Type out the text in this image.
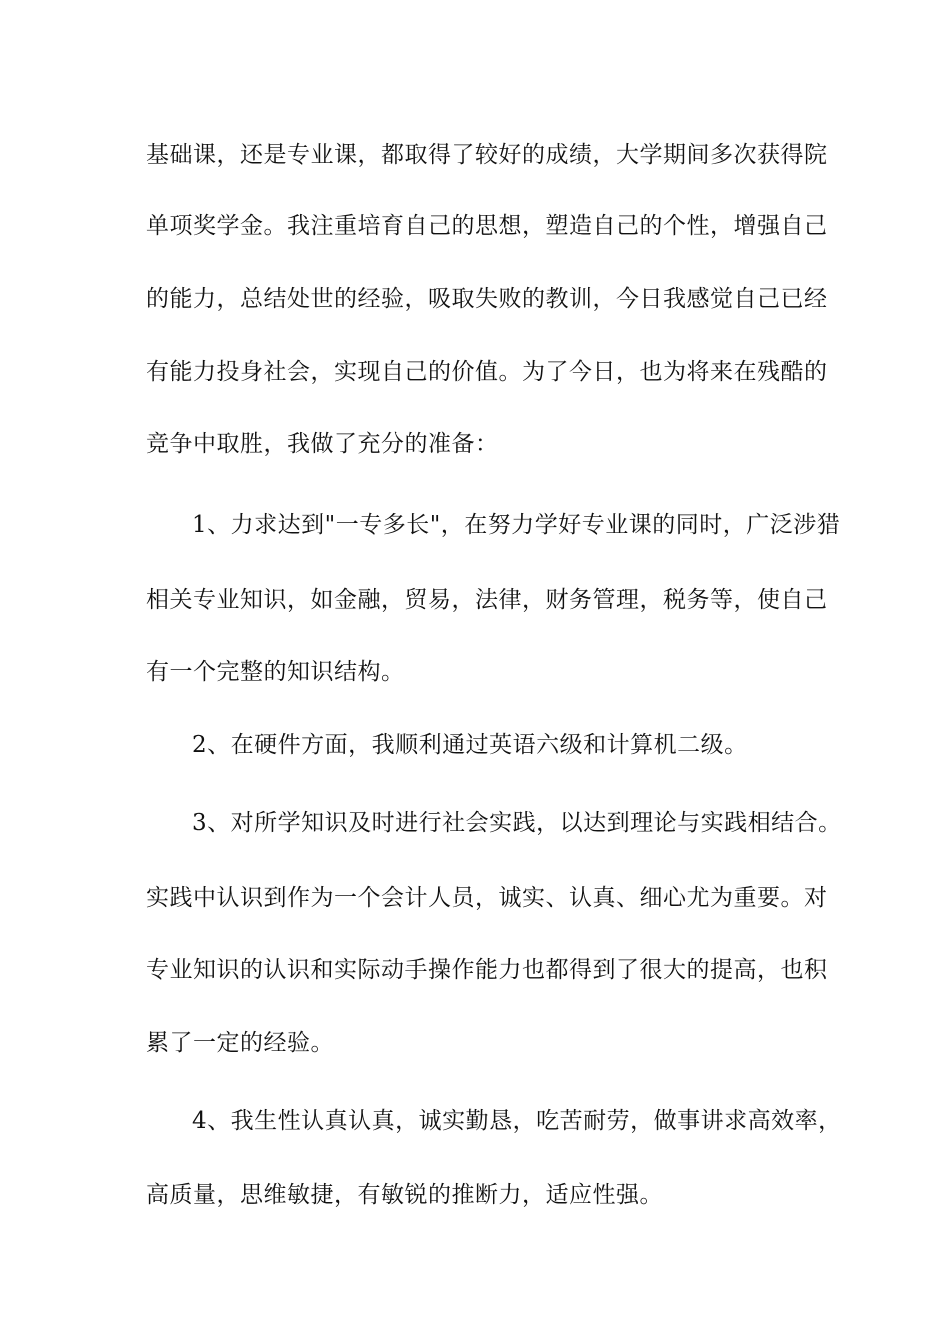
基础课，还是专业课，都取得了较好的成绩，大学期间多次获得院
单项奖学金。我注重培育自己的思想，塑造自己的个性，增强自己
的能力，总结处世的经验，吸取失败的教训，今日我感觉自己已经
有能力投身社会，实现自己的价值。为了今日，也为将来在残酷的
竞争中取胜，我做了充分的准备：
1、力求达到"一专多长"，在努力学好专业课的同时，广泛涉猎
相关专业知识，如金融，贸易，法律，财务管理，税务等，使自己
有一个完整的知识结构。
2、在硬件方面，我顺利通过英语六级和计算机二级。
3、对所学知识及时进行社会实践，以达到理论与实践相结合。
实践中认识到作为一个会计人员，诚实、认真、细心尤为重要。对
专业知识的认识和实际动手操作能力也都得到了很大的提高，也积
累了一定的经验。
4、我生性认真认真，诚实勤恳，吃苦耐劳，做事讲求高效率，
高质量，思维敏捷，有敏锐的推断力，适应性强。
